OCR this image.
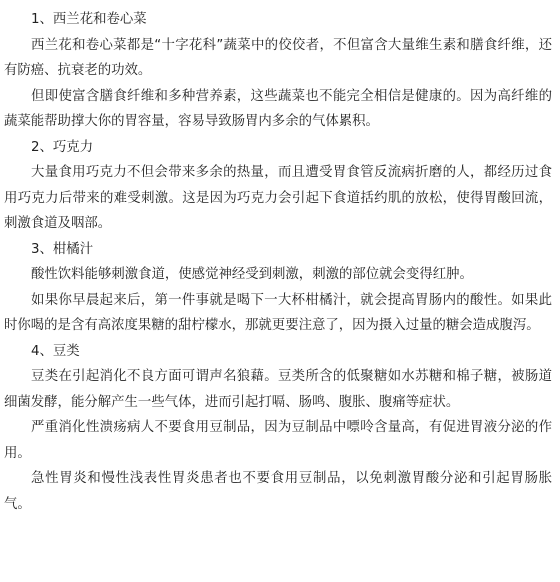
1、西兰花和卷心菜

西兰花和卷心菜都是“十字花科”蔬菜中的佼佼者，不但富含大量维生素和膳食纤维，还有防癌、抗衰老的功效。

但即使富含膳食纤维和多种营养素，这些蔬菜也不能完全相信是健康的。因为高纤维的蔬菜能帮助撑大你的胃容量，容易导致肠胃内多余的气体累积。

2、巧克力

大量食用巧克力不但会带来多余的热量，而且遭受胃食管反流病折磨的人，都经历过食用巧克力后带来的难受刺激。这是因为巧克力会引起下食道括约肌的放松，使得胃酸回流，刺激食道及咽部。

3、柑橘汁

酸性饮料能够刺激食道，使感觉神经受到刺激，刺激的部位就会变得红肿。

如果你早晨起来后，第一件事就是喝下一大杯柑橘汁，就会提高胃肠内的酸性。如果此时你喝的是含有高浓度果糖的甜柠檬水，那就更要注意了，因为摄入过量的糖会造成腹泻。

4、豆类

豆类在引起消化不良方面可谓声名狼藉。豆类所含的低聚糖如水苏糖和棉子糖，被肠道细菌发酵，能分解产生一些气体，进而引起打嗝、肠鸣、腹胀、腹痛等症状。

严重消化性溃疡病人不要食用豆制品，因为豆制品中嘌呤含量高，有促进胃液分泌的作用。

急性胃炎和慢性浅表性胃炎患者也不要食用豆制品，以免刺激胃酸分泌和引起胃肠胀气。
